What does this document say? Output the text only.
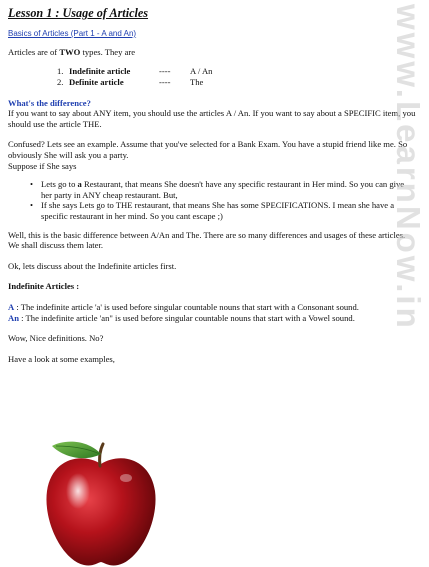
Lesson 1 : Usage of Articles
Basics of Articles (Part 1 - A and An)

Articles are of TWO types. They are

1. Indefinite article	----	A / An
2. Definite article	----	The
What's the difference?

If you want to say about ANY item, you should use the articles A / An. If you want to say about a SPECIFIC item, you should use the article THE.

Confused? Lets see an example. Assume that you've selected for a Bank Exam. You have a stupid friend like me. So obviously She will ask you a party.

Suppose if She says

• Lets go to a Restaurant, that means She doesn't have any specific restaurant in Her mind. So you can give her party in ANY cheap restaurant. But,
• If she says Lets go to THE restaurant, that means She has some SPECIFICATIONS. I mean she have a specific restaurant in her mind. So you cant escape ;)

Well, this is the basic difference between A/An and The. There are so many differences and usages of these articles. We shall discuss them later.

Ok, lets discuss about the Indefinite articles first.

Indefinite Articles :

A : The indefinite article 'a' is used before singular countable nouns that start with a Consonant sound.

An : The indefinite article 'an" is used before singular countable nouns that start with a Vowel sound.

Wow, Nice definitions. No?

Have a look at some examples,

www.LearnNow.in
